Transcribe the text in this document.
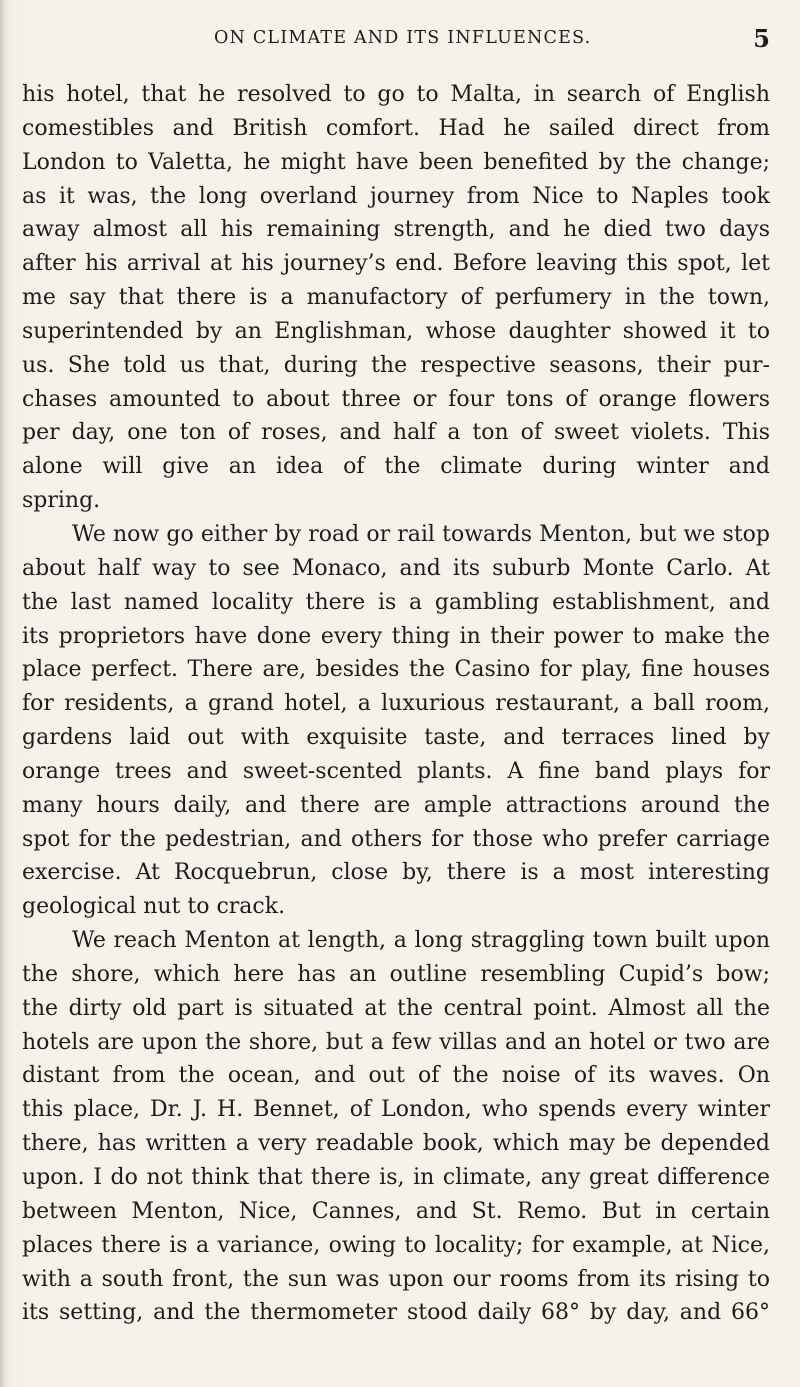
ON CLIMATE AND ITS INFLUENCES.	5
his hotel, that he resolved to go to Malta, in search of English
comestibles and British comfort. Had he sailed direct from
London to Valetta, he might have been benefited by the change;
as it was, the long overland journey from Nice to Naples took
away almost all his remaining strength, and he died two days
after his arrival at his journey’s end. Before leaving this spot, let
me say that there is a manufactory of perfumery in the town,
superintended by an Englishman, whose daughter showed it to
us. She told us that, during the respective seasons, their pur-
chases amounted to about three or four tons of orange flowers
per day, one ton of roses, and half a ton of sweet violets. This
alone will give an idea of the climate during winter and
spring.
We now go either by road or rail towards Menton, but we stop
about half way to see Monaco, and its suburb Monte Carlo. At
the last named locality there is a gambling establishment, and
its proprietors have done every thing in their power to make the
place perfect. There are, besides the Casino for play, fine houses
for residents, a grand hotel, a luxurious restaurant, a ball room,
gardens laid out with exquisite taste, and terraces lined by
orange trees and sweet-scented plants. A fine band plays for
many hours daily, and there are ample attractions around the
spot for the pedestrian, and others for those who prefer carriage
exercise. At Rocquebrun, close by, there is a most interesting
geological nut to crack.
We reach Menton at length, a long straggling town built upon
the shore, which here has an outline resembling Cupid’s bow;
the dirty old part is situated at the central point. Almost all the
hotels are upon the shore, but a few villas and an hotel or two are
distant from the ocean, and out of the noise of its waves. On
this place, Dr. J. H. Bennet, of London, who spends every winter
there, has written a very readable book, which may be depended
upon. I do not think that there is, in climate, any great difference
between Menton, Nice, Cannes, and St. Remo. But in certain
places there is a variance, owing to locality; for example, at Nice,
with a south front, the sun was upon our rooms from its rising to
its setting, and the thermometer stood daily 68° by day, and 66°
